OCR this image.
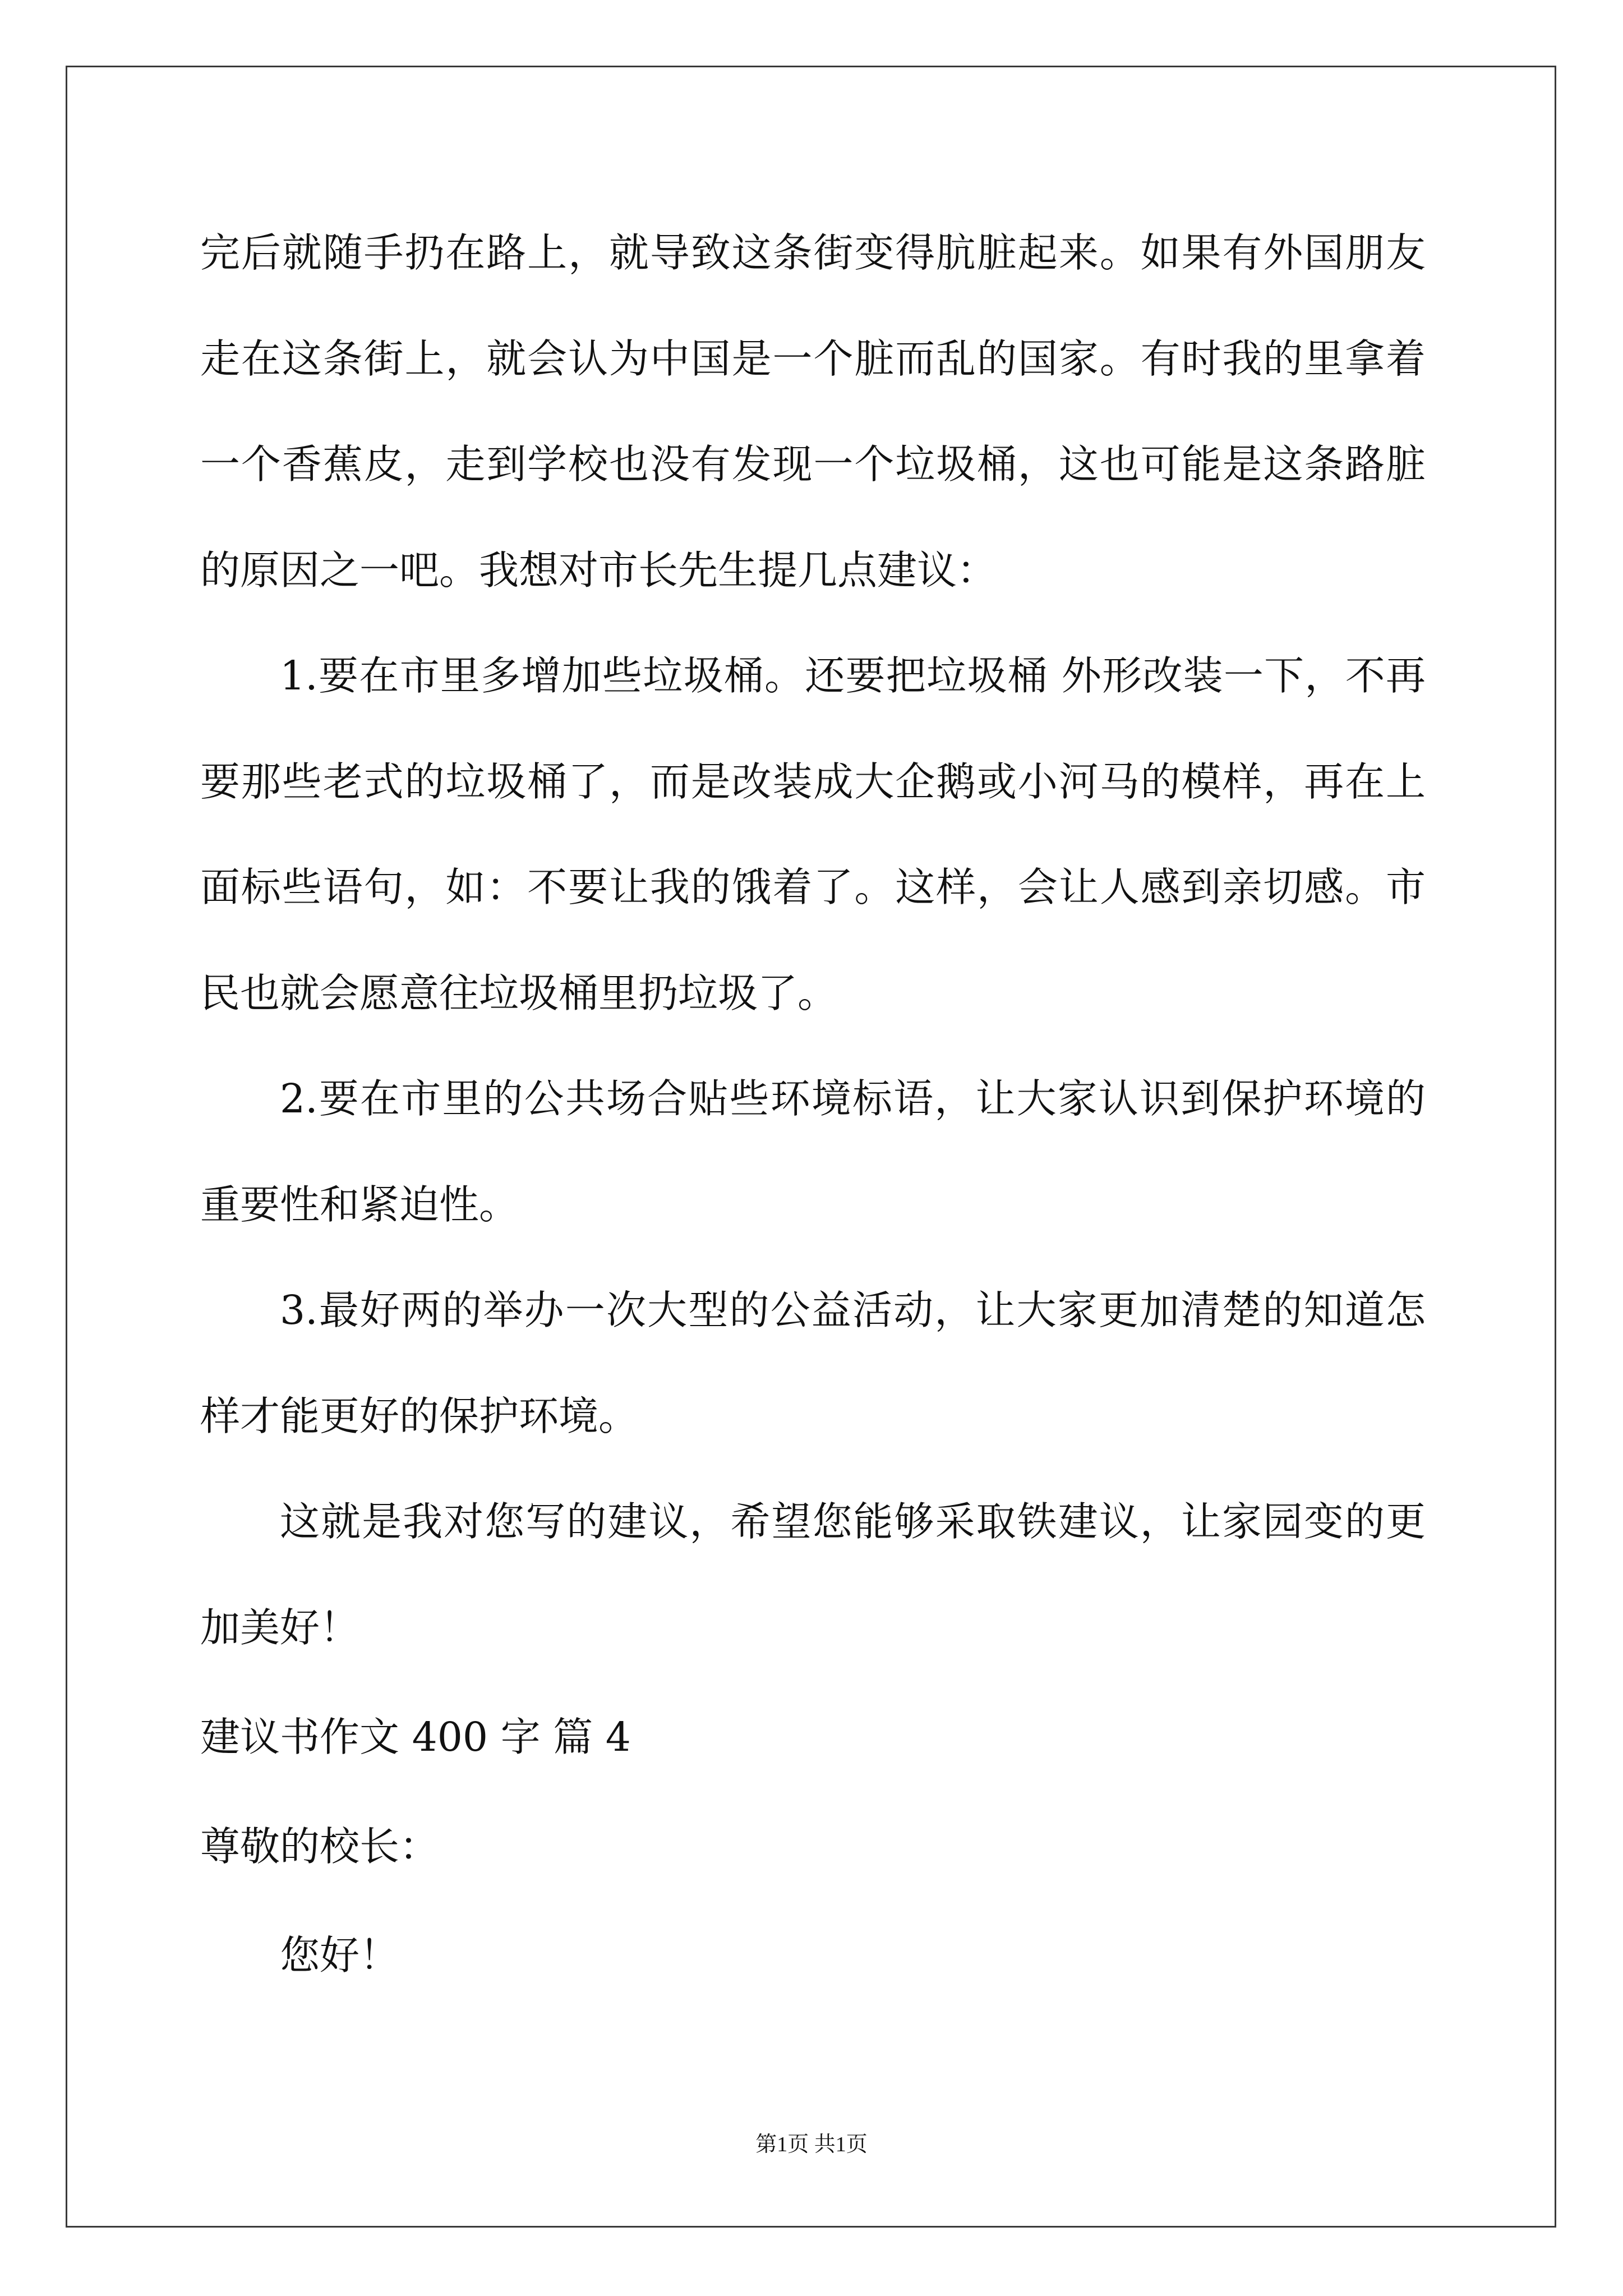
完后就随手扔在路上，就导致这条街变得肮脏起来。如果有外国朋友
走在这条街上，就会认为中国是一个脏而乱的国家。有时我的里拿着
一个香蕉皮，走到学校也没有发现一个垃圾桶，这也可能是这条路脏
的原因之一吧。我想对市长先生提几点建议：
1.要在市里多增加些垃圾桶。还要把垃圾桶 外形改装一下，不再
要那些老式的垃圾桶了，而是改装成大企鹅或小河马的模样，再在上
面标些语句，如：不要让我的饿着了。这样，会让人感到亲切感。市
民也就会愿意往垃圾桶里扔垃圾了。
2.要在市里的公共场合贴些环境标语，让大家认识到保护环境的
重要性和紧迫性。
3.最好两的举办一次大型的公益活动，让大家更加清楚的知道怎
样才能更好的保护环境。
这就是我对您写的建议，希望您能够采取铁建议，让家园变的更
加美好！
建议书作文 400 字 篇 4
尊敬的校长：
您好！
第1页 共1页
